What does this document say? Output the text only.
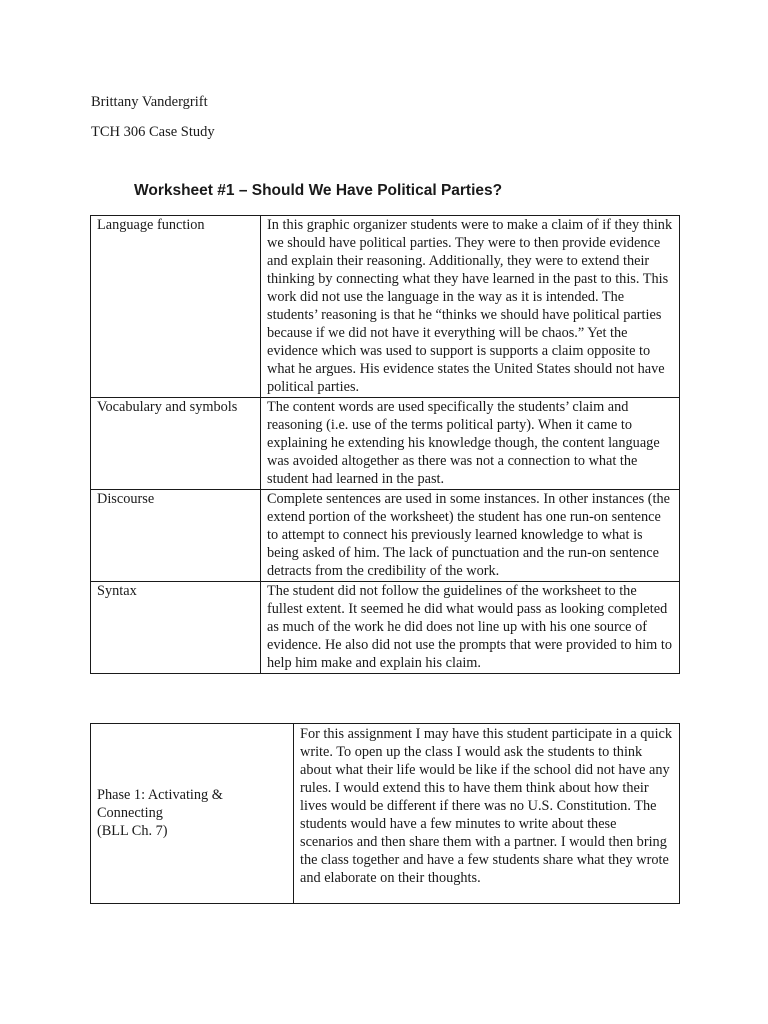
Brittany Vandergrift

TCH 306 Case Study

Worksheet #1 – Should We Have Political Parties?

Language function	In this graphic organizer students were to make a claim of if they think we should have political parties. They were to then provide evidence and explain their reasoning. Additionally, they were to extend their thinking by connecting what they have learned in the past to this. This work did not use the language in the way as it is intended. The students’ reasoning is that he “thinks we should have political parties because if we did not have it everything will be chaos.” Yet the evidence which was used to support is supports a claim opposite to what he argues. His evidence states the United States should not have political parties.
Vocabulary and symbols	The content words are used specifically the students’ claim and reasoning (i.e. use of the terms political party). When it came to explaining he extending his knowledge though, the content language was avoided altogether as there was not a connection to what the student had learned in the past.
Discourse	Complete sentences are used in some instances. In other instances (the extend portion of the worksheet) the student has one run-on sentence to attempt to connect his previously learned knowledge to what is being asked of him. The lack of punctuation and the run-on sentence detracts from the credibility of the work.
Syntax	The student did not follow the guidelines of the worksheet to the fullest extent. It seemed he did what would pass as looking completed as much of the work he did does not line up with his one source of evidence. He also did not use the prompts that were provided to him to help him make and explain his claim.
Phase 1: Activating &
Connecting
(BLL Ch. 7)
	For this assignment I may have this student participate in a quick write. To open up the class I would ask the students to think about what their life would be like if the school did not have any rules. I would extend this to have them think about how their lives would be different if there was no U.S. Constitution. The students would have a few minutes to write about these scenarios and then share them with a partner. I would then bring the class together and have a few students share what they wrote and elaborate on their thoughts.
